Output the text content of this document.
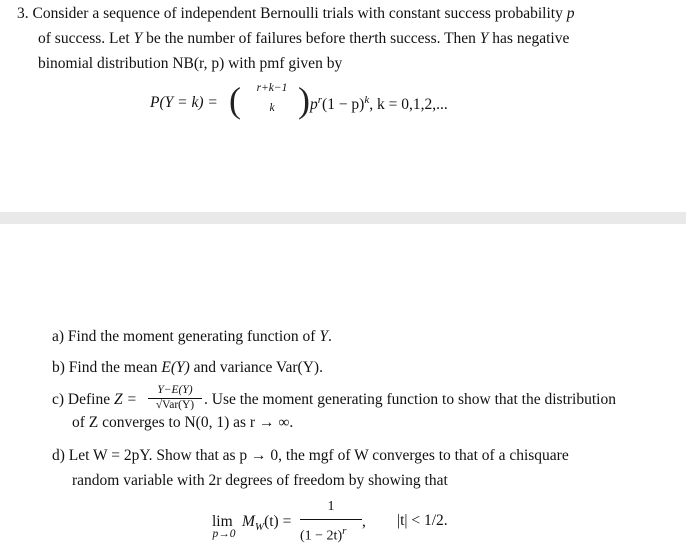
3. Consider a sequence of independent Bernoulli trials with constant success probability p
of success. Let Y be the number of failures before therth success. Then Y has negative
binomial distribution NB(r, p) with pmf given by
P(Y = k) = (	r+k−1
k ) $p^r(1 - p)^k$, k = 0,1,2,...
a) Find the moment generating function of Y.
b) Find the mean E(Y) and variance Var(Y).
c) Define Z =
Y−E(Y)
√Var(Y) . Use the moment generating function to show that the distribution
of Z converges to N(0, 1) as r → ∞.
d) Let W = 2pY. Show that as p → 0, the mgf of W converges to that of a chisquare
random variable with 2r degrees of freedom by showing that
lim
p→0
$M_W(t)$ =
1
$(1 - 2t)^r$
, |t| < 1/2.
